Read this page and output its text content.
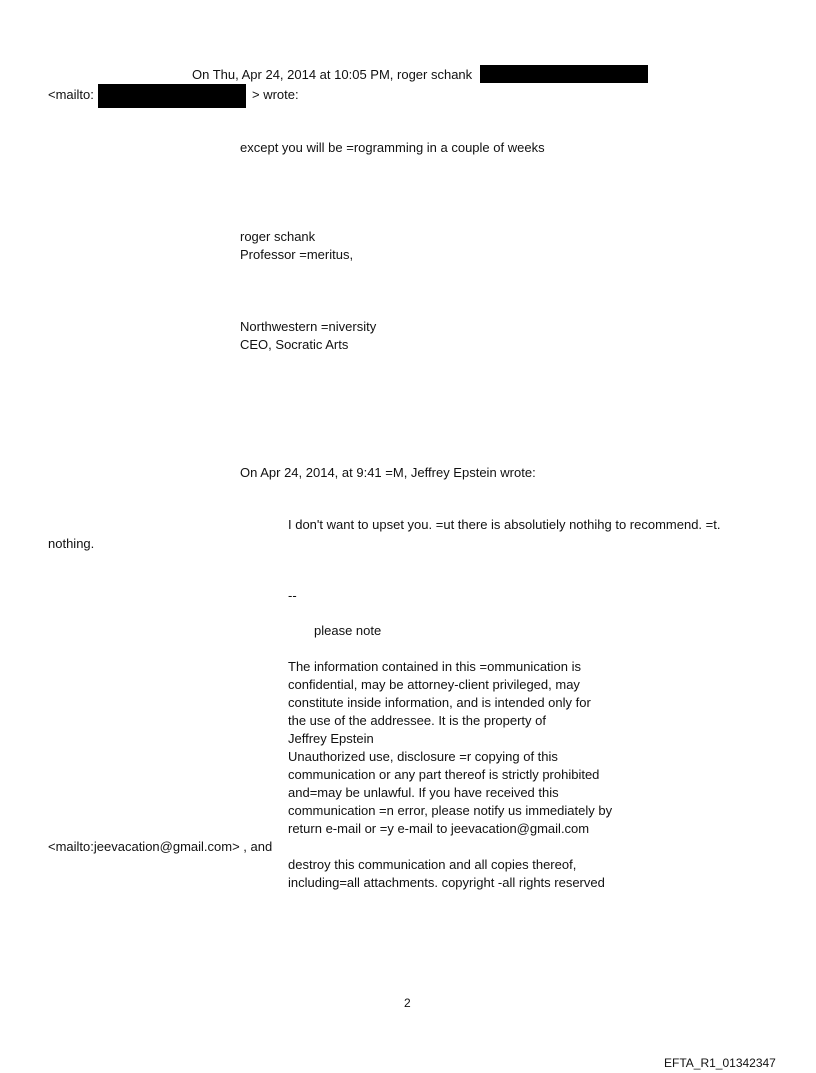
On Thu, Apr 24, 2014 at 10:05 PM, roger schank
<mailto:	> wrote:
except you will be =rogramming in a couple of weeks
roger schank
Professor =meritus,
Northwestern =niversity
CEO, Socratic Arts
On Apr 24, 2014, at 9:41 =M, Jeffrey Epstein wrote:
I don't want to upset you. =ut there is absolutiely nothihg to recommend. =t.
nothing.
--
please note
The information contained in this =ommunication is
confidential, may be attorney-client privileged, may
constitute inside information, and is intended only for
the use of the addressee. It is the property of
Jeffrey Epstein
Unauthorized use, disclosure =r copying of this
communication or any part thereof is strictly prohibited
and=may be unlawful. If you have received this
communication =n error, please notify us immediately by
return e-mail or =y e-mail to jeevacation@gmail.com
<mailto:jeevacation@gmail.com> , and
destroy this communication and all copies thereof,
including=all attachments. copyright -all rights reserved
2
EFTA_R1_01342347
